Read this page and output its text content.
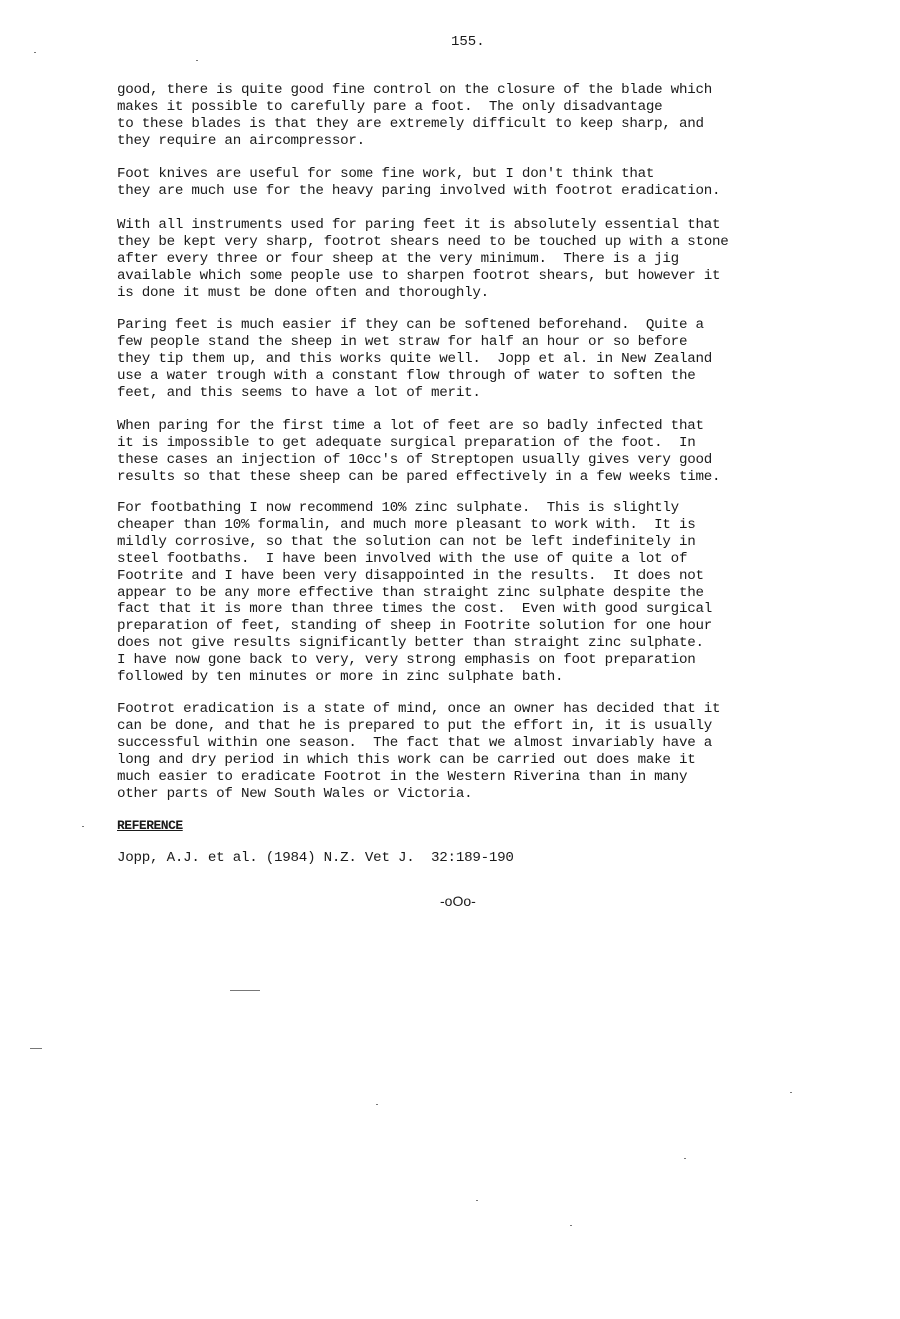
155.
good, there is quite good fine control on the closure of the blade which
makes it possible to carefully pare a foot.  The only disadvantage
to these blades is that they are extremely difficult to keep sharp, and
they require an aircompressor.
Foot knives are useful for some fine work, but I don't think that
they are much use for the heavy paring involved with footrot eradication.
With all instruments used for paring feet it is absolutely essential that
they be kept very sharp, footrot shears need to be touched up with a stone
after every three or four sheep at the very minimum.  There is a jig
available which some people use to sharpen footrot shears, but however it
is done it must be done often and thoroughly.
Paring feet is much easier if they can be softened beforehand.  Quite a
few people stand the sheep in wet straw for half an hour or so before
they tip them up, and this works quite well.  Jopp et al. in New Zealand
use a water trough with a constant flow through of water to soften the
feet, and this seems to have a lot of merit.
When paring for the first time a lot of feet are so badly infected that
it is impossible to get adequate surgical preparation of the foot.  In
these cases an injection of 10cc's of Streptopen usually gives very good
results so that these sheep can be pared effectively in a few weeks time.
For footbathing I now recommend 10% zinc sulphate.  This is slightly
cheaper than 10% formalin, and much more pleasant to work with.  It is
mildly corrosive, so that the solution can not be left indefinitely in
steel footbaths.  I have been involved with the use of quite a lot of
Footrite and I have been very disappointed in the results.  It does not
appear to be any more effective than straight zinc sulphate despite the
fact that it is more than three times the cost.  Even with good surgical
preparation of feet, standing of sheep in Footrite solution for one hour
does not give results significantly better than straight zinc sulphate.
I have now gone back to very, very strong emphasis on foot preparation
followed by ten minutes or more in zinc sulphate bath.
Footrot eradication is a state of mind, once an owner has decided that it
can be done, and that he is prepared to put the effort in, it is usually
successful within one season.  The fact that we almost invariably have a
long and dry period in which this work can be carried out does make it
much easier to eradicate Footrot in the Western Riverina than in many
other parts of New South Wales or Victoria.
REFERENCE
Jopp, A.J. et al. (1984) N.Z. Vet J.  32:189-190
-oOo-
